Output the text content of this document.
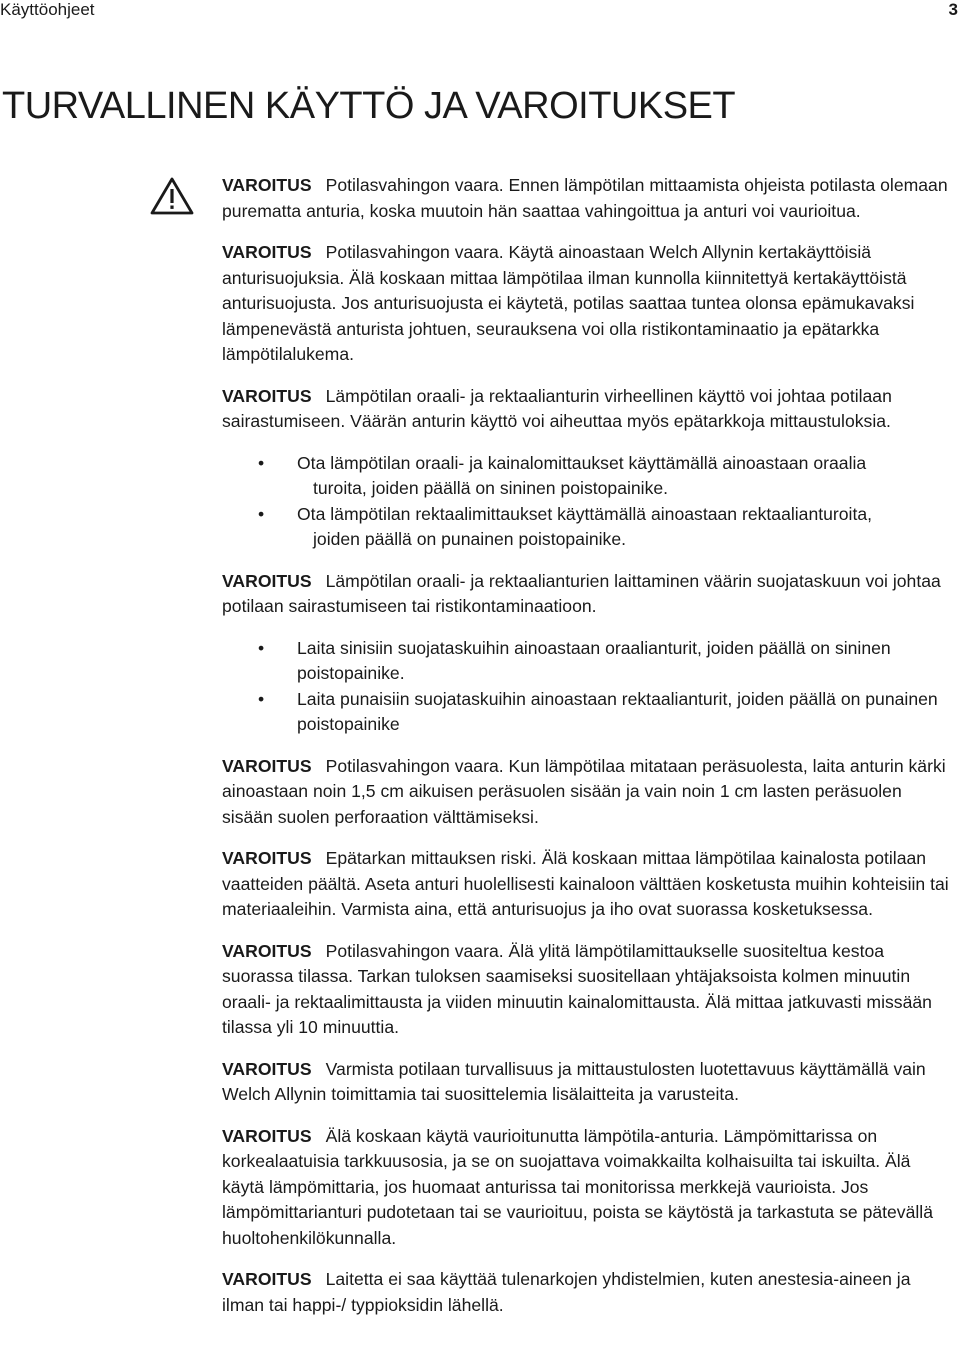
Käyttöohjeet	3
TURVALLINEN KÄYTTÖ JA VAROITUKSET

VAROITUS Potilasvahingon vaara. Ennen lämpötilan mittaamista ohjeista potilasta olemaan purematta anturia, koska muutoin hän saattaa vahingoittua ja anturi voi vaurioitua.

VAROITUS Potilasvahingon vaara. Käytä ainoastaan Welch Allynin kertakäyttöisiä anturisuojuksia. Älä koskaan mittaa lämpötilaa ilman kunnolla kiinnitettyä kertakäyttöistä anturisuojusta. Jos anturisuojusta ei käytetä, potilas saattaa tuntea olonsa epämukavaksi lämpenevästä anturista johtuen, seurauksena voi olla ristikontaminaatio ja epätarkka lämpötilalukema.

VAROITUS Lämpötilan oraali- ja rektaalianturin virheellinen käyttö voi johtaa potilaan sairastumiseen. Väärän anturin käyttö voi aiheuttaa myös epätarkkoja mittaustuloksia.

• Ota lämpötilan oraali- ja kainalomittaukset käyttämällä ainoastaan oraalia
turoita, joiden päällä on sininen poistopainike.
• Ota lämpötilan rektaalimittaukset käyttämällä ainoastaan rektaalianturoita,
joiden päällä on punainen poistopainike.

VAROITUS Lämpötilan oraali- ja rektaalianturien laittaminen väärin suojataskuun voi johtaa potilaan sairastumiseen tai ristikontaminaatioon.

• Laita sinisiin suojataskuihin ainoastaan oraalianturit, joiden päällä on sininen poistopainike.
• Laita punaisiin suojataskuihin ainoastaan rektaalianturit, joiden päällä on punainen poistopainike

VAROITUS Potilasvahingon vaara. Kun lämpötilaa mitataan peräsuolesta, laita anturin kärki ainoastaan noin 1,5 cm aikuisen peräsuolen sisään ja vain noin 1 cm lasten peräsuolen sisään suolen perforaation välttämiseksi.

VAROITUS Epätarkan mittauksen riski. Älä koskaan mittaa lämpötilaa kainalosta potilaan vaatteiden päältä. Aseta anturi huolellisesti kainaloon välttäen kosketusta muihin kohteisiin tai materiaaleihin. Varmista aina, että anturisuojus ja iho ovat suorassa kosketuksessa.

VAROITUS Potilasvahingon vaara. Älä ylitä lämpötilamittaukselle suositeltua kestoa suorassa tilassa. Tarkan tuloksen saamiseksi suositellaan yhtäjaksoista kolmen minuutin oraali- ja rektaalimittausta ja viiden minuutin kainalomittausta. Älä mittaa jatkuvasti missään tilassa yli 10 minuuttia.

VAROITUS Varmista potilaan turvallisuus ja mittaustulosten luotettavuus käyttämällä vain Welch Allynin toimittamia tai suosittelemia lisälaitteita ja varusteita.

VAROITUS Älä koskaan käytä vaurioitunutta lämpötila-anturia. Lämpömittarissa on korkealaatuisia tarkkuusosia, ja se on suojattava voimakkailta kolhaisuilta tai iskuilta. Älä käytä lämpömittaria, jos huomaat anturissa tai monitorissa merkkejä vaurioista. Jos lämpömittarianturi pudotetaan tai se vaurioituu, poista se käytöstä ja tarkastuta se pätevällä huoltohenkilökunnalla.

VAROITUS Laitetta ei saa käyttää tulenarkojen yhdistelmien, kuten anestesia-aineen ja ilman tai happi-/ typpioksidin lähellä.
